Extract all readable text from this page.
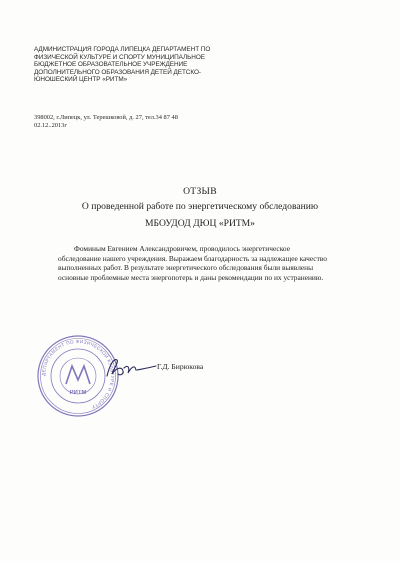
АДМИНИСТРАЦИЯ ГОРОДА ЛИПЕЦКА ДЕПАРТАМЕНТ ПО
ФИЗИЧЕСКОЙ КУЛЬТУРЕ И СПОРТУ МУНИЦИПАЛЬНОЕ
БЮДЖЕТНОЕ ОБРАЗОВАТЕЛЬНОЕ УЧРЕЖДЕНИЕ
ДОПОЛНИТЕЛЬНОГО ОБРАЗОВАНИЯ ДЕТЕЙ ДЕТСКО-
ЮНОШЕСКИЙ ЦЕНТР «РИТМ»
398002, г.Липецк, ул. Терешковой, д. 27, тел.34 87 48
02.12..2013г
ОТЗЫВ
О проведенной работе по энергетическому обследованию
МБОУДОД ДЮЦ «РИТМ»
Фоминым Евгением Александровичем, проводилось энергетическое
обследование нашего учреждения. Выражаем благодарность за надлежащее качество
выполненных работ. В результате энергетического обследования были выявлены
основные проблемные места энергопотерь и даны рекомендации по их устранению.
ДЕПАРТАМЕНТ ПО ФИЗИЧЕСКОЙ КУЛЬТУРЕ И СПОРТУ
РИТМ
Г.Д. Бирюкова
